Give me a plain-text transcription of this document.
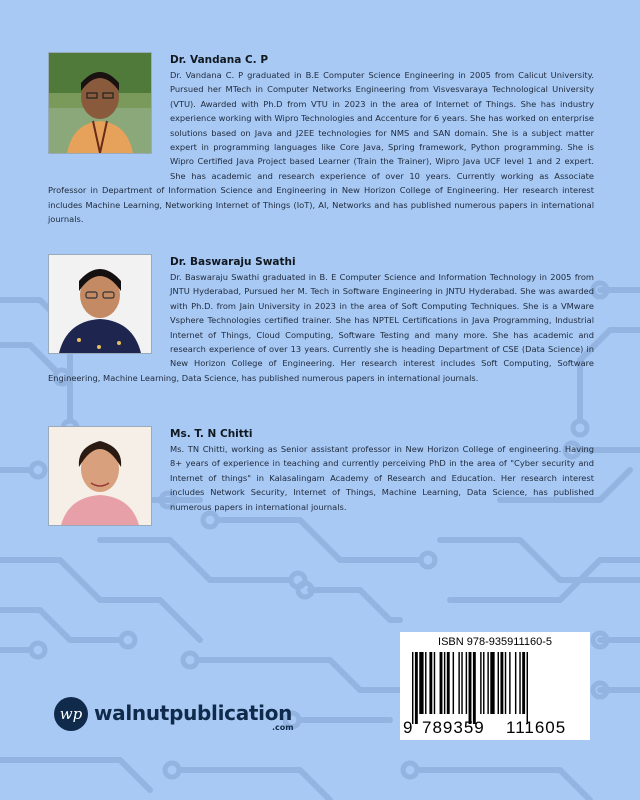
Dr. Vandana C. P

Dr. Vandana C. P graduated in B.E Computer Science Engineering in 2005 from Calicut University. Pursued her MTech in Computer Networks Engineering from Visvesvaraya Technological University (VTU). Awarded with Ph.D from VTU in 2023 in the area of Internet of Things. She has industry experience working with Wipro Technologies and Accenture for 6 years. She has worked on enterprise solutions based on Java and J2EE technologies for NMS and SAN domain. She is a subject matter expert in programming languages like Core Java, Spring framework, Python programming. She is Wipro Certified Java Project based Learner (Train the Trainer), Wipro Java UCF level 1 and 2 expert. She has academic and research experience of over 10 years. Currently working as Associate Professor in Department of Information Science and Engineering in New Horizon College of Engineering. Her research interest includes Machine Learning, Networking Internet of Things (IoT), AI, Networks and has published numerous papers in international journals.

Dr. Baswaraju Swathi

Dr. Baswaraju Swathi graduated in B. E Computer Science and Information Technology in 2005 from JNTU Hyderabad, Pursued her M. Tech in Software Engineering in JNTU Hyderabad. She was awarded with Ph.D. from Jain University in 2023 in the area of Soft Computing Techniques. She is a VMware Vsphere Technologies certified trainer. She has NPTEL Certifications in Java Programming, Industrial Internet of Things, Cloud Computing, Software Testing and many more. She has academic and research experience of over 13 years. Currently she is heading Department of CSE (Data Science) in New Horizon College of Engineering. Her research interest includes Soft Computing, Software Engineering, Machine Learning, Data Science, has published numerous papers in international journals.

Ms. T. N Chitti

Ms. TN Chitti, working as Senior assistant professor in New Horizon College of engineering. Having 8+ years of experience in teaching and currently perceiving PhD in the area of "Cyber security and Internet of things" in Kalasalingam Academy of Research and Education. Her research interest includes Network Security, Internet of Things, Machine Learning, Data Science, has published numerous papers in international journals.

wp walnutpublication
.com
ISBN 978-935911160-5
9 789359 111605
